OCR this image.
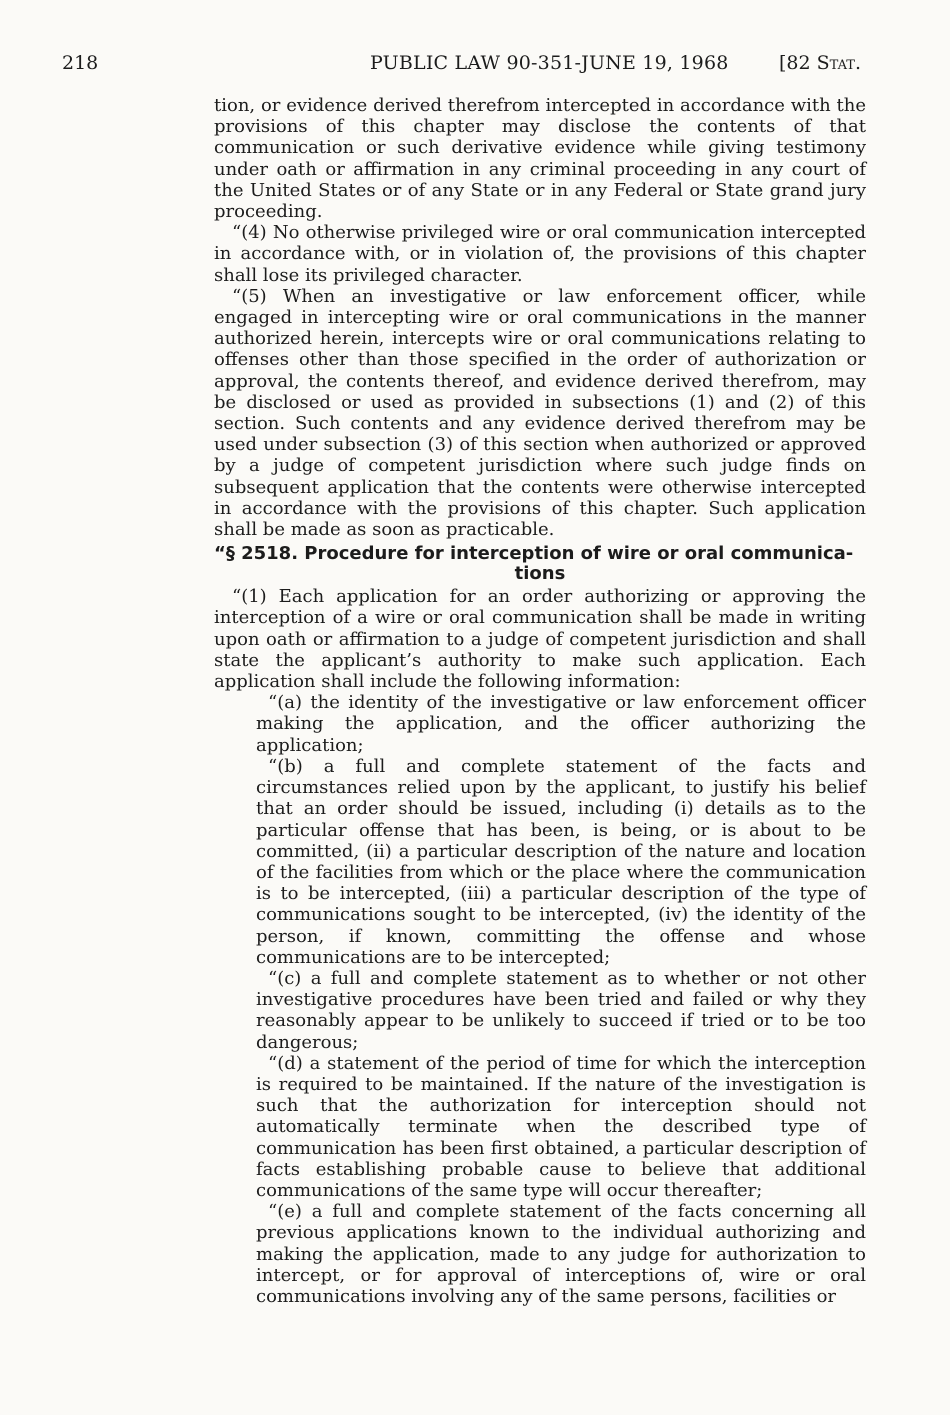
218	PUBLIC LAW 90-351-JUNE 19, 1968	[82 Stat.

tion, or evidence derived therefrom intercepted in accordance with the provisions of this chapter may disclose the contents of that communication or such derivative evidence while giving testimony under oath or affirmation in any criminal proceeding in any court of the United States or of any State or in any Federal or State grand jury proceeding.

“(4) No otherwise privileged wire or oral communication intercepted in accordance with, or in violation of, the provisions of this chapter shall lose its privileged character.

“(5) When an investigative or law enforcement officer, while engaged in intercepting wire or oral communications in the manner authorized herein, intercepts wire or oral communications relating to offenses other than those specified in the order of authorization or approval, the contents thereof, and evidence derived therefrom, may be disclosed or used as provided in subsections (1) and (2) of this section. Such contents and any evidence derived therefrom may be used under subsection (3) of this section when authorized or approved by a judge of competent jurisdiction where such judge finds on subsequent application that the contents were otherwise intercepted in accordance with the provisions of this chapter. Such application shall be made as soon as practicable.

“§ 2518. Procedure for interception of wire or oral communica-
tions

“(1) Each application for an order authorizing or approving the interception of a wire or oral communication shall be made in writing upon oath or affirmation to a judge of competent jurisdiction and shall state the applicant’s authority to make such application. Each application shall include the following information:

“(a) the identity of the investigative or law enforcement officer making the application, and the officer authorizing the application;

“(b) a full and complete statement of the facts and circumstances relied upon by the applicant, to justify his belief that an order should be issued, including (i) details as to the particular offense that has been, is being, or is about to be committed, (ii) a particular description of the nature and location of the facilities from which or the place where the communication is to be intercepted, (iii) a particular description of the type of communications sought to be intercepted, (iv) the identity of the person, if known, committing the offense and whose communications are to be intercepted;

“(c) a full and complete statement as to whether or not other investigative procedures have been tried and failed or why they reasonably appear to be unlikely to succeed if tried or to be too dangerous;

“(d) a statement of the period of time for which the interception is required to be maintained. If the nature of the investigation is such that the authorization for interception should not automatically terminate when the described type of communication has been first obtained, a particular description of facts establishing probable cause to believe that additional communications of the same type will occur thereafter;

“(e) a full and complete statement of the facts concerning all previous applications known to the individual authorizing and making the application, made to any judge for authorization to intercept, or for approval of interceptions of, wire or oral communications involving any of the same persons, facilities or
